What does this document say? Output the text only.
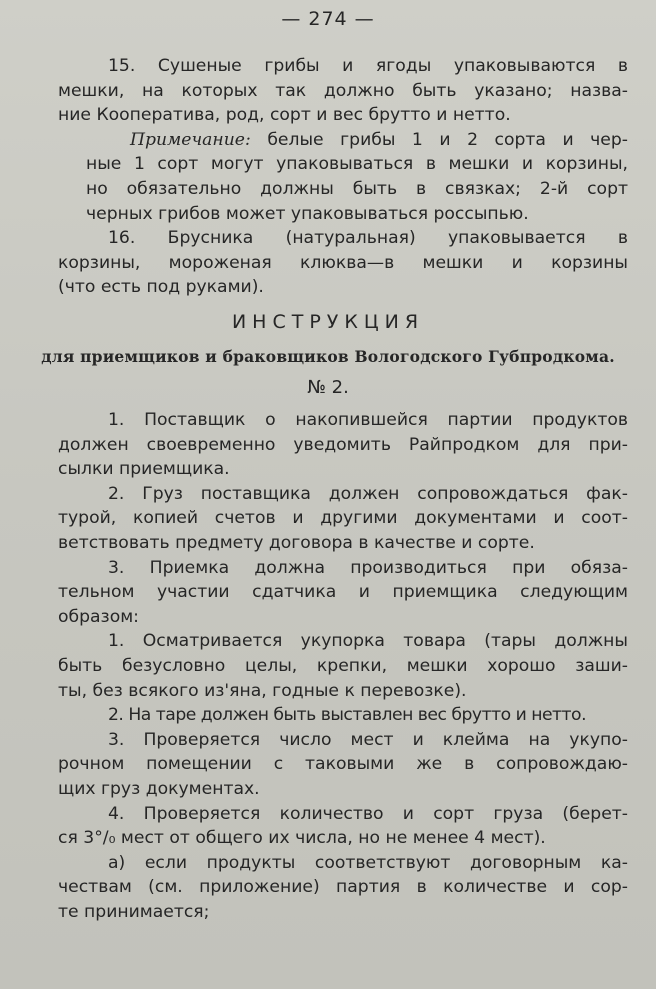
— 274 —
15. Сушеные грибы и ягоды упаковываются в
мешки, на которых так должно быть указано; назва-
ние Кооператива, род, сорт и вес брутто и нетто.
Примечание: белые грибы 1 и 2 сорта и чер-
ные 1 сорт могут упаковываться в мешки и корзины,
но обязательно должны быть в связках; 2-й сорт
черных грибов может упаковываться россыпью.
16. Брусника (натуральная) упаковывается в
корзины, мороженая клюква—в мешки и корзины
(что есть под руками).
ИНСТРУКЦИЯ
для приемщиков и браковщиков Вологодского Губпродкома.
№ 2.
1. Поставщик о накопившейся партии продуктов
должен своевременно уведомить Райпродком для при-
сылки приемщика.
2. Груз поставщика должен сопровождаться фак-
турой, копией счетов и другими документами и соот-
ветствовать предмету договора в качестве и сорте.
3. Приемка должна производиться при обяза-
тельном участии сдатчика и приемщика следующим
образом:
1. Осматривается укупорка товара (тары должны
быть безусловно целы, крепки, мешки хорошо заши-
ты, без всякого из'яна, годные к перевозке).
2. На таре должен быть выставлен вес брутто и нетто.
3. Проверяется число мест и клейма на укупо-
рочном помещении с таковыми же в сопровождаю-
щих груз документах.
4. Проверяется количество и сорт груза (берет-
ся 3°/₀ мест от общего их числа, но не менее 4 мест).
а) если продукты соответствуют договорным ка-
чествам (см. приложение) партия в количестве и сор-
те принимается;
